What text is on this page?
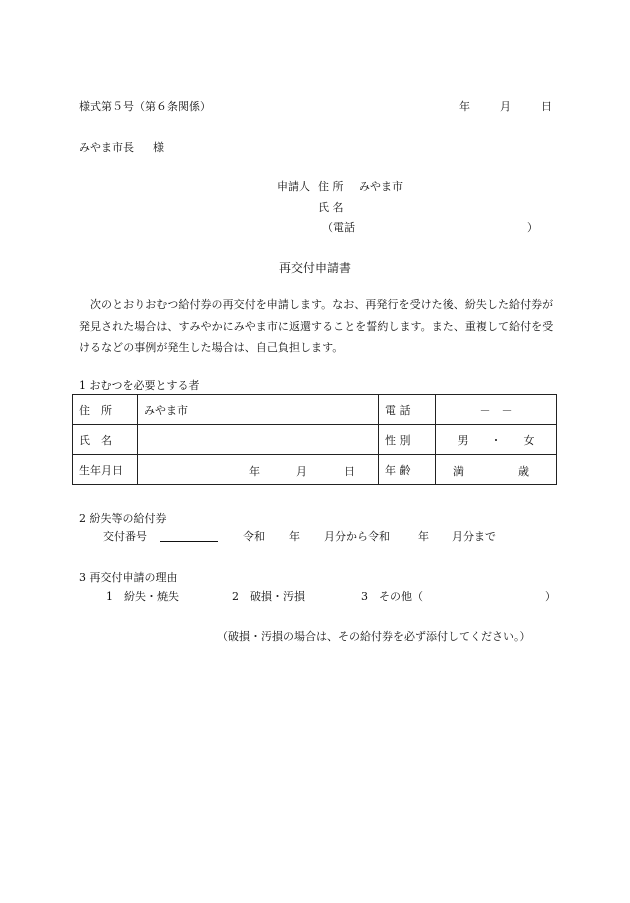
様式第５号（第６条関係）	年	月	日
みやま市長 様
申請人 住 所 みやま市
氏 名
（電話	）
再交付申請書
次のとおりおむつ給付券の再交付を申請します。なお、再発行を受けた後、紛失した給付券が発見された場合は、すみやかにみやま市に返還することを誓約します。また、重複して給付を受けるなどの事例が発生した場合は、自己負担します。
1 おむつを必要とする者
住　所	みやま市	電 話	－　－
氏　名		性 別	男　　・　　女
生年月日	年 月 日	年 齢	満 歳
2 紛失等の給付券
交付番号	令和 年 月分から令和	年 月分まで
3 再交付申請の理由
1　紛失・焼失	2　破損・汚損	3　その他（	）
（破損・汚損の場合は、その給付券を必ず添付してください。）
